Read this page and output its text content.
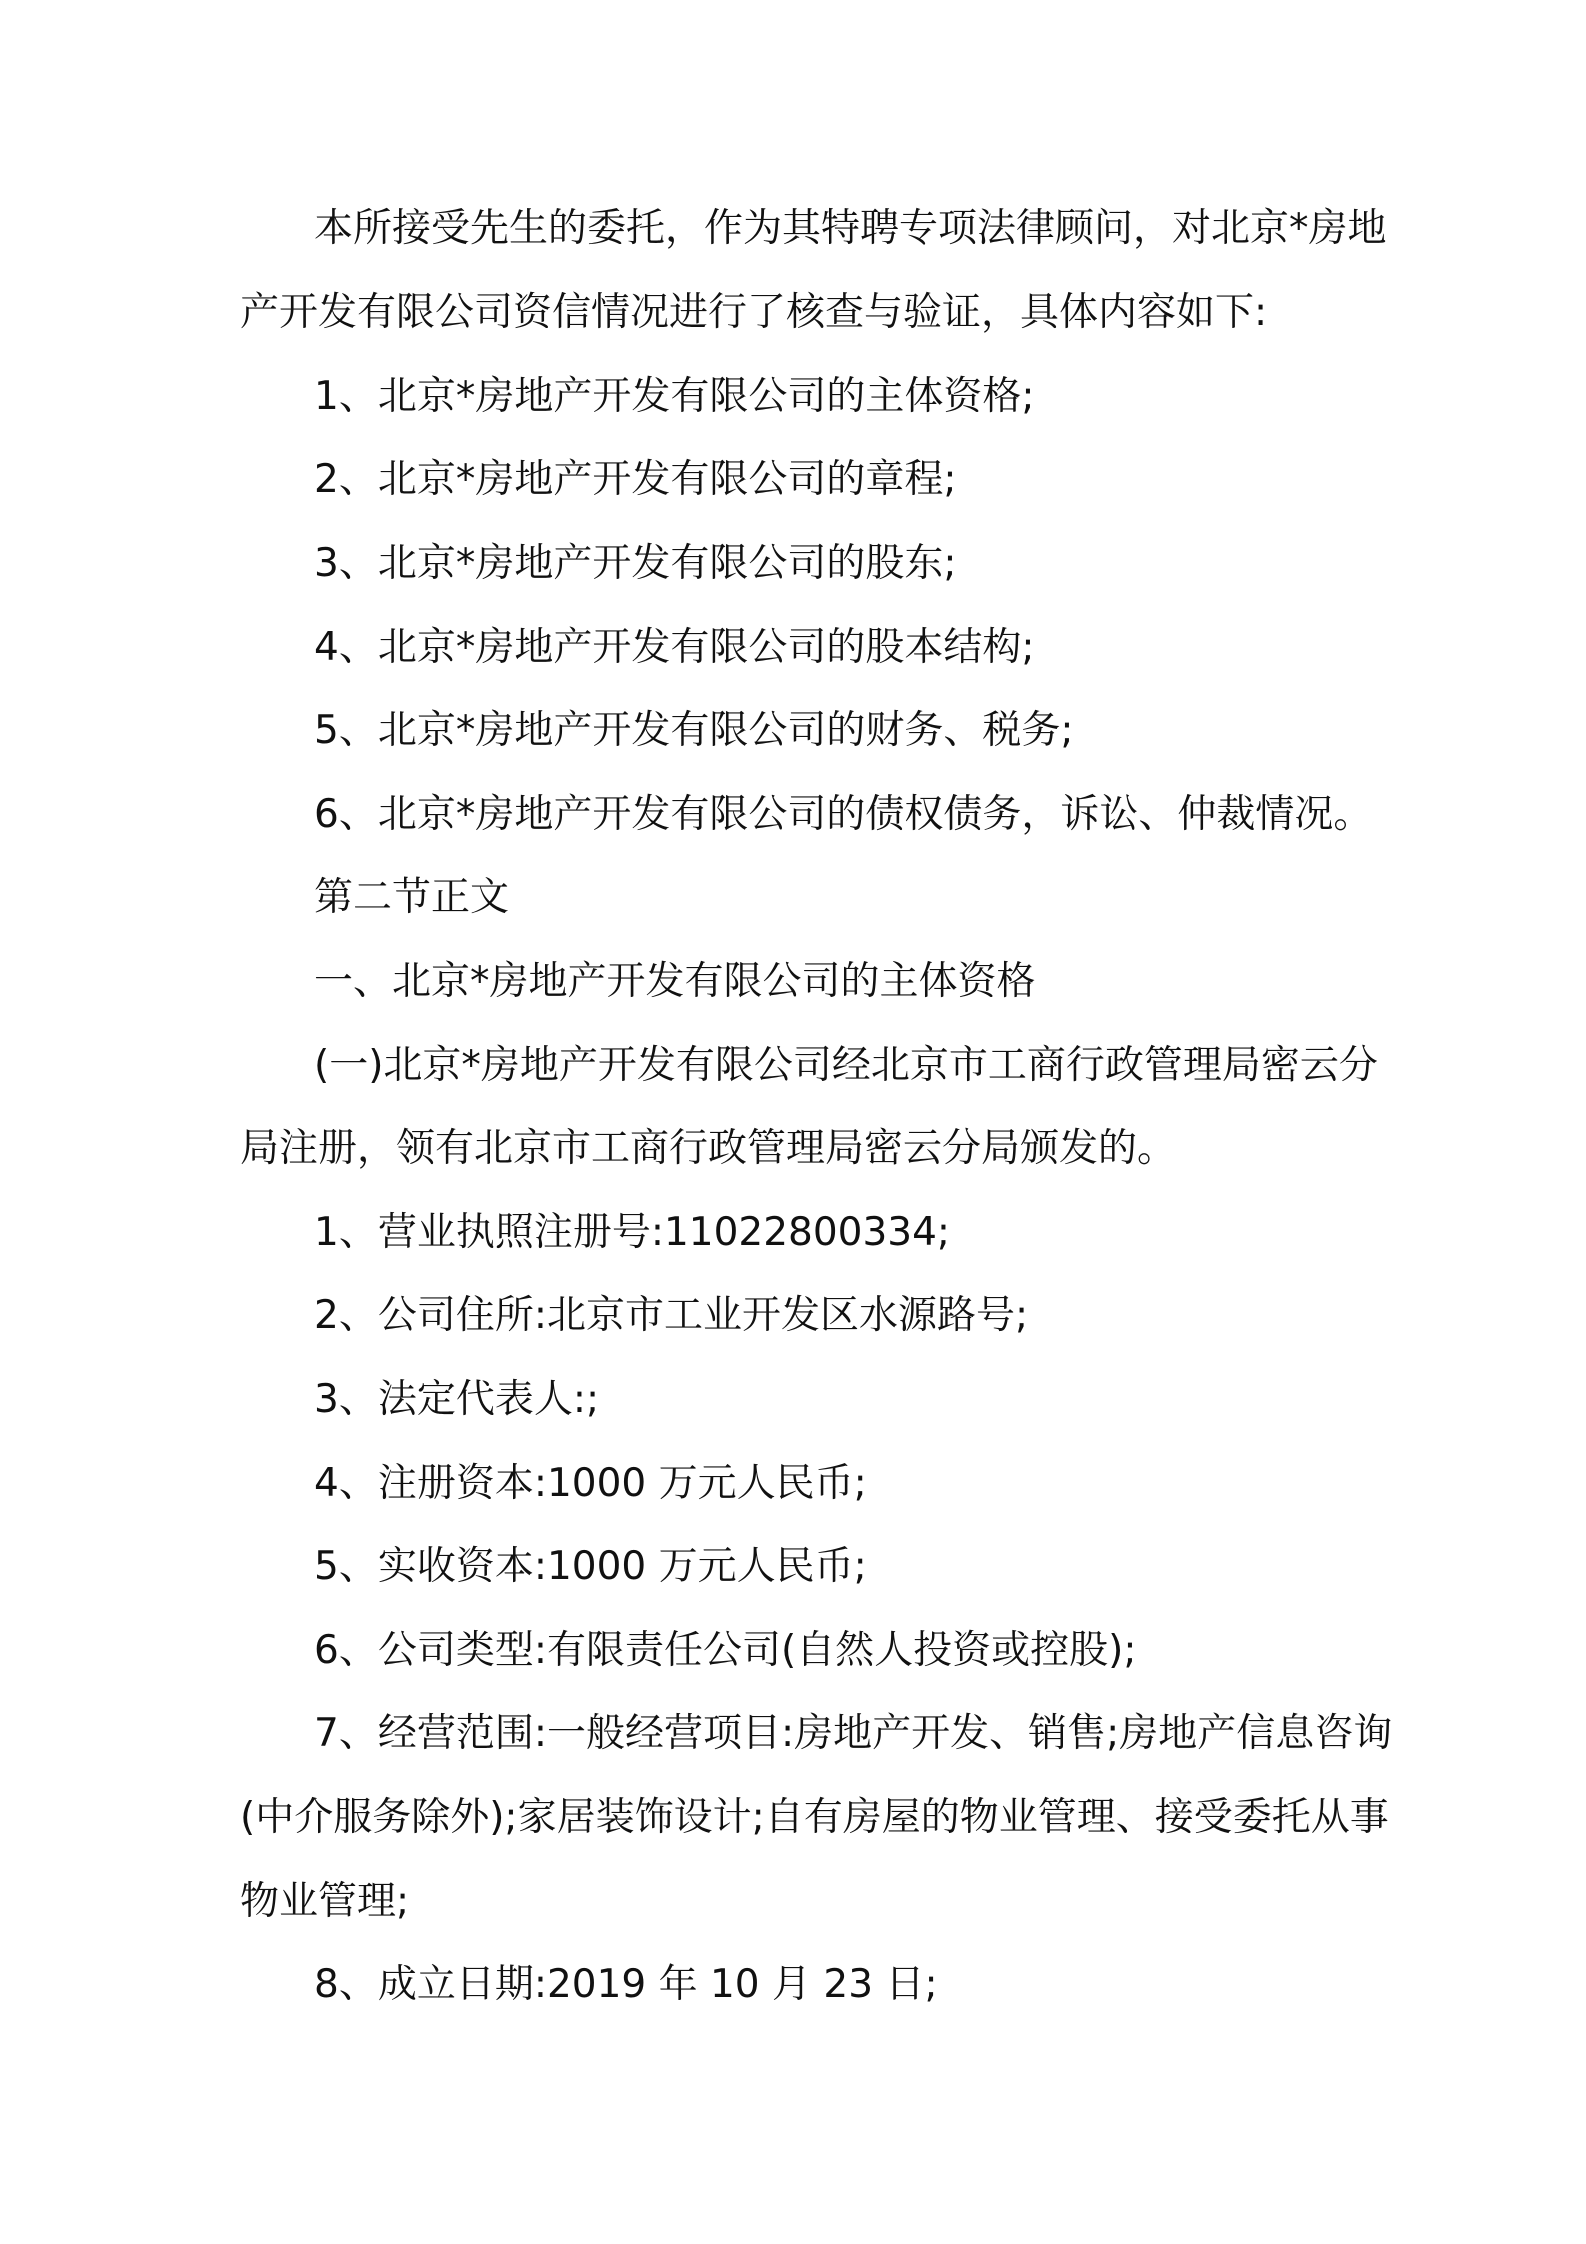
本所接受先生的委托，作为其特聘专项法律顾问，对北京*房地
产开发有限公司资信情况进行了核查与验证，具体内容如下:
1、北京*房地产开发有限公司的主体资格;
2、北京*房地产开发有限公司的章程;
3、北京*房地产开发有限公司的股东;
4、北京*房地产开发有限公司的股本结构;
5、北京*房地产开发有限公司的财务、税务;
6、北京*房地产开发有限公司的债权债务，诉讼、仲裁情况。
第二节正文
一、北京*房地产开发有限公司的主体资格
(一)北京*房地产开发有限公司经北京市工商行政管理局密云分
局注册，领有北京市工商行政管理局密云分局颁发的。
1、营业执照注册号:11022800334;
2、公司住所:北京市工业开发区水源路号;
3、法定代表人:;
4、注册资本:1000 万元人民币;
5、实收资本:1000 万元人民币;
6、公司类型:有限责任公司(自然人投资或控股);
7、经营范围:一般经营项目:房地产开发、销售;房地产信息咨询
(中介服务除外);家居装饰设计;自有房屋的物业管理、接受委托从事
物业管理;
8、成立日期:2019 年 10 月 23 日;
